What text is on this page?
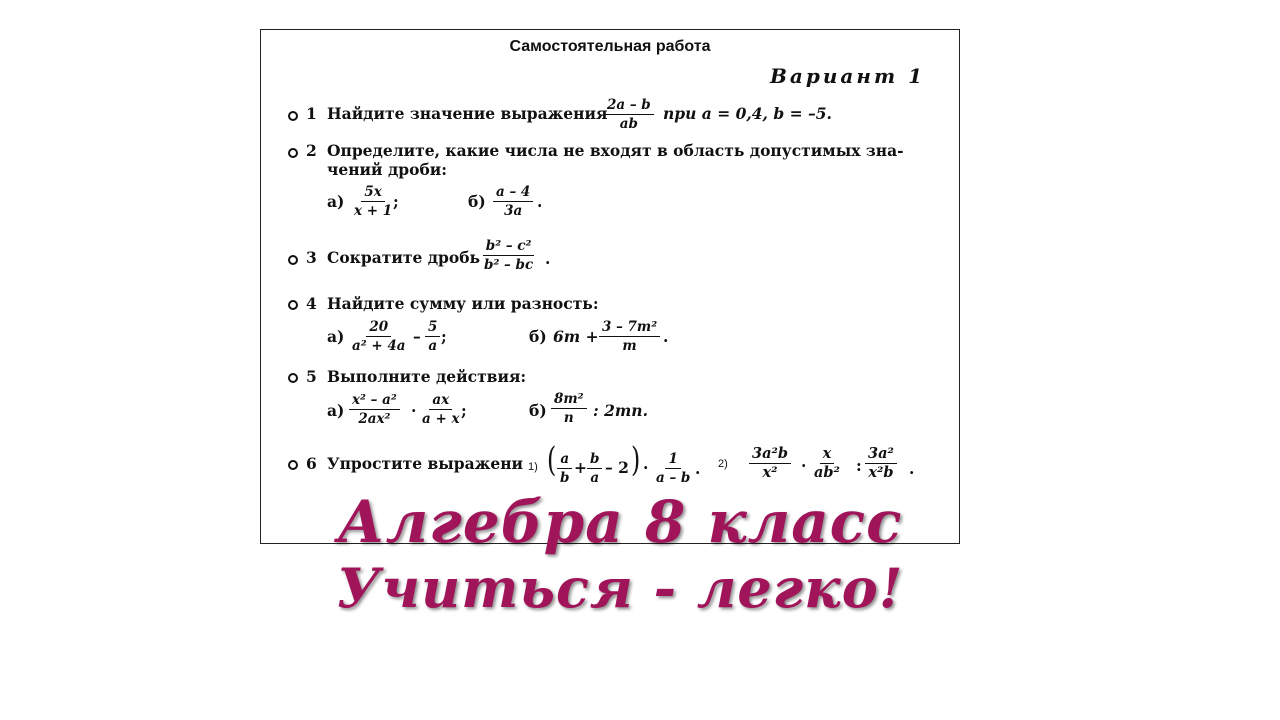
Самостоятельная работа
Вариант 1
1 Найдите значение выражения
$\frac{2a - b}{ab}$ при a = 0,4, b = –5.
2 Определите, какие числа не входят в область допустимых зна-
чений дроби:
$а) \frac{5x}{x + 1}$
;	$б) \frac{a - 4}{3a}$ .
3 Сократите дробь $\frac{\text{b² – c²}}{\text{b² – bc}}$ .
4 Найдите сумму или разность:
$а) \frac{20}{\text{a² + 4a}} - \frac{5}{a}$ ;	б) $6m + \frac{\text{3 – 7m²}}{m}$ .
5 Выполните действия:
$а) \frac{\text{x² – a²}}{\text{2ax²}} \cdot \frac{ax}{a + x}$
;	$б) \frac{\text{8m²}}{n}$ : 2mn.
6 Упростите выражени 1) ( $\frac{a}{b} + \frac{b}{a} - 2$ ) · $\frac{1}{a - b}$ . $2) \frac{\text{3a²b}}{\text{x²}} \cdot \frac{x}{\text{ab²}}$ : $\frac{\text{3a²}}{\text{x²b}}$ .
Алгебра 8 класс
Учиться - легко!
